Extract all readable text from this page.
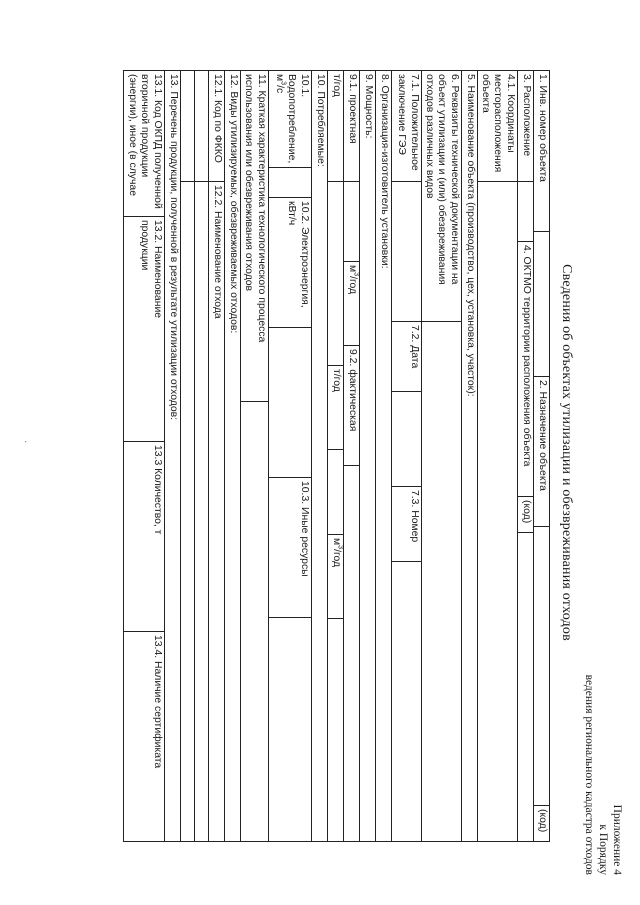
Приложение 4
к Порядку
ведения регионального кадастра отходов
Сведения об объектах утилизации и обезвреживания отходов
1. Инв. номер объекта
2. Назначение объекта
(код)
3. Расположение
4. ОКТМО территории расположения объекта
(код)
4.1. Координаты
месторасположения
объекта
5. Наименование объекта (производство, цех, установка, участок):
6. Реквизиты технической документации на
объект утилизации и (или) обезвреживания
отходов различных видов
7.1. Положительное
заключение ГЭЭ
7.2. Дата
7.3. Номер
8. Организация-изготовитель установки:
9. Мощность:
9.1. проектная
$м^3$/год
9.2. фактическая
т/год
т/год
$м^3$/год
10. Потребляемые:
10.1.
Водопотребление,
$м^3/с$
10.2. Электроэнергия,
кВт/ч
10.3. Иные ресурсы
11. Краткая характеристика технологического процесса
использования или обезвреживания отходов
12. Виды утилизируемых, обезвреживаемых отходов:
12.1. Код по ФККО
12.2. Наименование отхода
13. Перечень продукции, полученной в результате утилизации отходов:
13.1. Код ОКПД полученной
вторичной продукции
(энергии), иное (в случае
13.2. Наименование
продукции
13.3 Количество, т
13.4. Наличие сертификата
·
